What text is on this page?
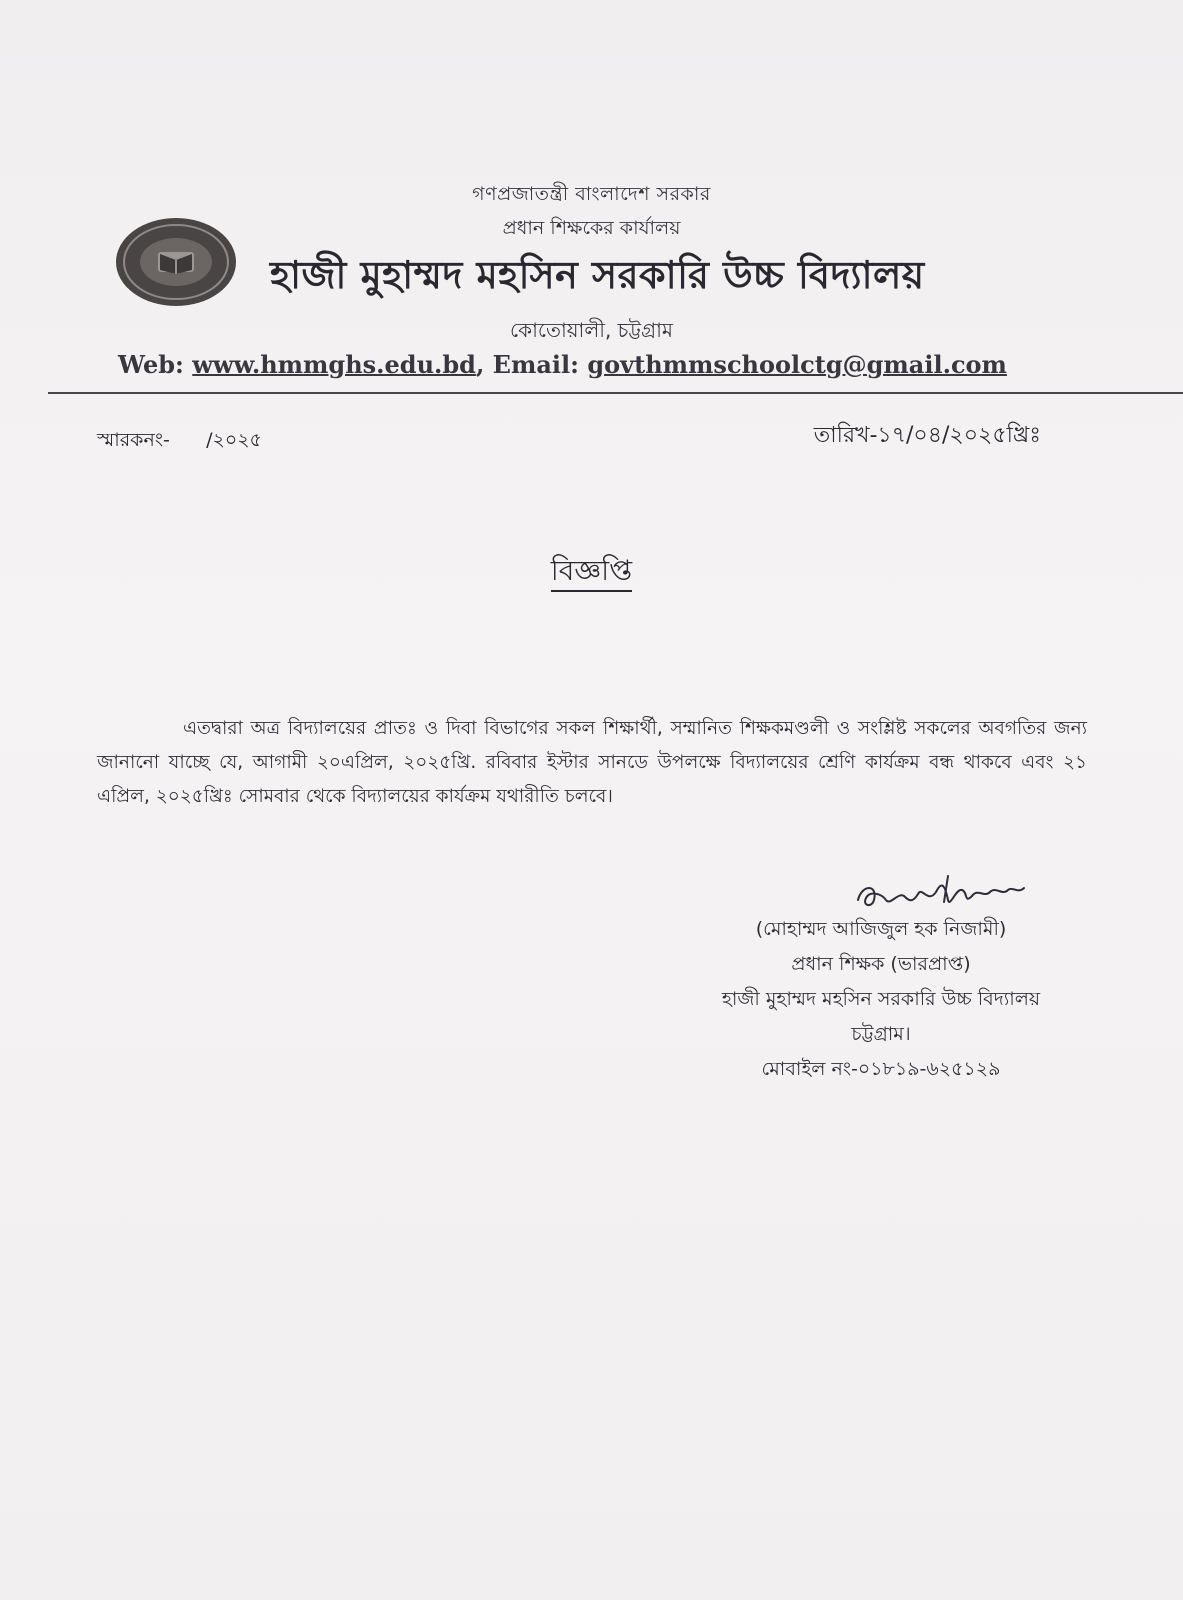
গণপ্রজাতন্ত্রী বাংলাদেশ সরকার
প্রধান শিক্ষকের কার্যালয়
হাজী মুহাম্মদ মহসিন সরকারি উচ্চ বিদ্যালয়
কোতোয়ালী, চট্টগ্রাম
Web: www.hmmghs.edu.bd, Email: govthmmschoolctg@gmail.com
স্মারকনং-      /২০২৫	তারিখ-১৭/০৪/২০২৫খ্রিঃ
বিজ্ঞপ্তি
এতদ্বারা অত্র বিদ্যালয়ের প্রাতঃ ও দিবা বিভাগের সকল শিক্ষার্থী, সম্মানিত শিক্ষকমণ্ডলী ও সংশ্লিষ্ট সকলের অবগতির জন্য জানানো যাচ্ছে যে, আগামী ২০এপ্রিল, ২০২৫খ্রি. রবিবার ইস্টার সানডে উপলক্ষে বিদ্যালয়ের শ্রেণি কার্যক্রম বন্ধ থাকবে এবং ২১ এপ্রিল, ২০২৫খ্রিঃ সোমবার থেকে বিদ্যালয়ের কার্যক্রম যথারীতি চলবে।
(মোহাম্মদ আজিজুল হক নিজামী)
প্রধান শিক্ষক (ভারপ্রাপ্ত)
হাজী মুহাম্মদ মহসিন সরকারি উচ্চ বিদ্যালয়
চট্টগ্রাম।
মোবাইল নং-০১৮১৯-৬২৫১২৯
